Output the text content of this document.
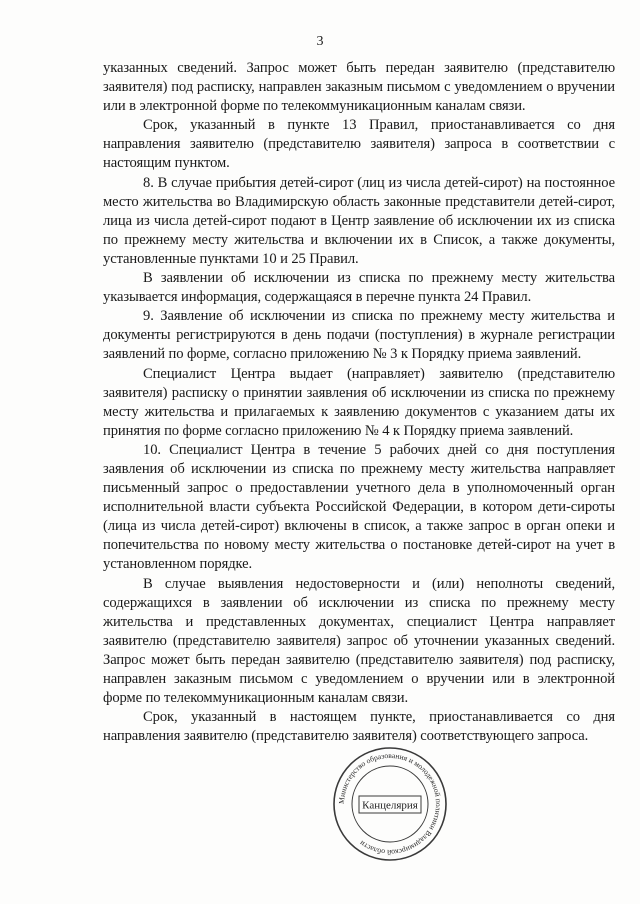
3

указанных сведений. Запрос может быть передан заявителю (представителю заявителя) под расписку, направлен заказным письмом с уведомлением о вручении или в электронной форме по телекоммуникационным каналам связи.

Срок, указанный в пункте 13 Правил, приостанавливается со дня направления заявителю (представителю заявителя) запроса в соответствии с настоящим пунктом.

8. В случае прибытия детей-сирот (лиц из числа детей-сирот) на постоянное место жительства во Владимирскую область законные представители детей-сирот, лица из числа детей-сирот подают в Центр заявление об исключении их из списка по прежнему месту жительства и включении их в Список, а также документы, установленные пунктами 10 и 25 Правил.

В заявлении об исключении из списка по прежнему месту жительства указывается информация, содержащаяся в перечне пункта 24 Правил.

9. Заявление об исключении из списка по прежнему месту жительства и документы регистрируются в день подачи (поступления) в журнале регистрации заявлений по форме, согласно приложению № 3 к Порядку приема заявлений.

Специалист Центра выдает (направляет) заявителю (представителю заявителя) расписку о принятии заявления об исключении из списка по прежнему месту жительства и прилагаемых к заявлению документов с указанием даты их принятия по форме согласно приложению № 4 к Порядку приема заявлений.

10. Специалист Центра в течение 5 рабочих дней со дня поступления заявления об исключении из списка по прежнему месту жительства направляет письменный запрос о предоставлении учетного дела в уполномоченный орган исполнительной власти субъекта Российской Федерации, в котором дети-сироты (лица из числа детей-сирот) включены в список, а также запрос в орган опеки и попечительства по новому месту жительства о постановке детей-сирот на учет в установленном порядке.

В случае выявления недостоверности и (или) неполноты сведений, содержащихся в заявлении об исключении из списка по прежнему месту жительства и представленных документах, специалист Центра направляет заявителю (представителю заявителя) запрос об уточнении указанных сведений. Запрос может быть передан заявителю (представителю заявителя) под расписку, направлен заказным письмом с уведомлением о вручении или в электронной форме по телекоммуникационным каналам связи.

Срок, указанный в настоящем пункте, приостанавливается со дня направления заявителю (представителю заявителя) соответствующего запроса.

Министерство образования и молодежной политики Владимирской области
Канцелярия
